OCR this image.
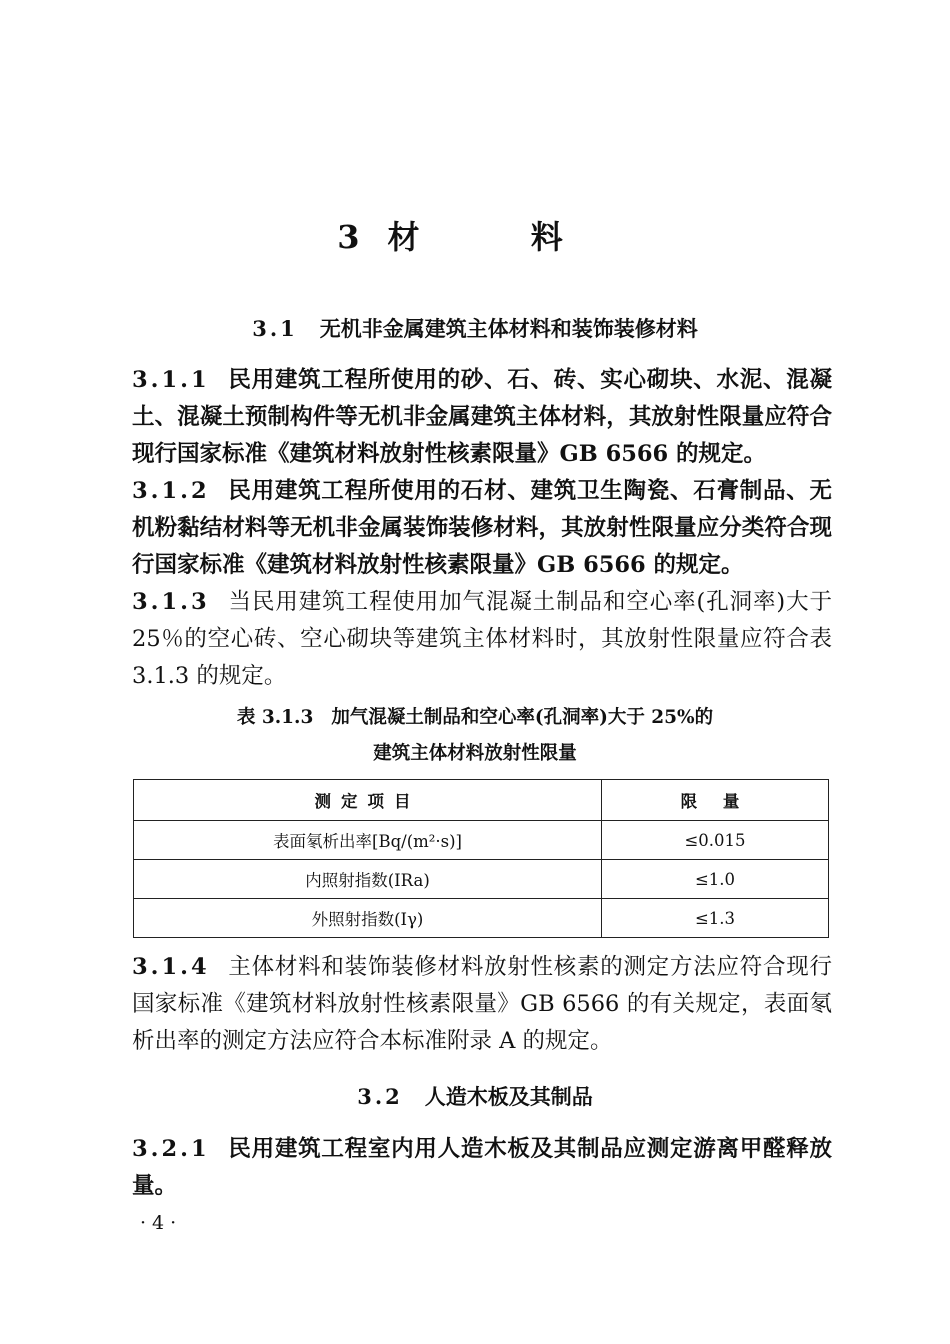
3 材 料
3.1 无机非金属建筑主体材料和装饰装修材料
3.1.1 民用建筑工程所使用的砂、石、砖、实心砌块、水泥、混凝土、混凝土预制构件等无机非金属建筑主体材料，其放射性限量应符合现行国家标准《建筑材料放射性核素限量》GB 6566 的规定。
3.1.2 民用建筑工程所使用的石材、建筑卫生陶瓷、石膏制品、无机粉黏结材料等无机非金属装饰装修材料，其放射性限量应分类符合现行国家标准《建筑材料放射性核素限量》GB 6566 的规定。
3.1.3 当民用建筑工程使用加气混凝土制品和空心率(孔洞率)大于 25％的空心砖、空心砌块等建筑主体材料时，其放射性限量应符合表 3.1.3 的规定。
表 3.1.3 加气混凝土制品和空心率(孔洞率)大于 25%的
建筑主体材料放射性限量
测定项目	限 量
表面氡析出率[Bq/(m²·s)]	≤0.015
内照射指数(IRa)	≤1.0
外照射指数(Iγ)	≤1.3
3.1.4 主体材料和装饰装修材料放射性核素的测定方法应符合现行国家标准《建筑材料放射性核素限量》GB 6566 的有关规定，表面氡析出率的测定方法应符合本标准附录 A 的规定。
3.2 人造木板及其制品
3.2.1 民用建筑工程室内用人造木板及其制品应测定游离甲醛释放量。
·4·
